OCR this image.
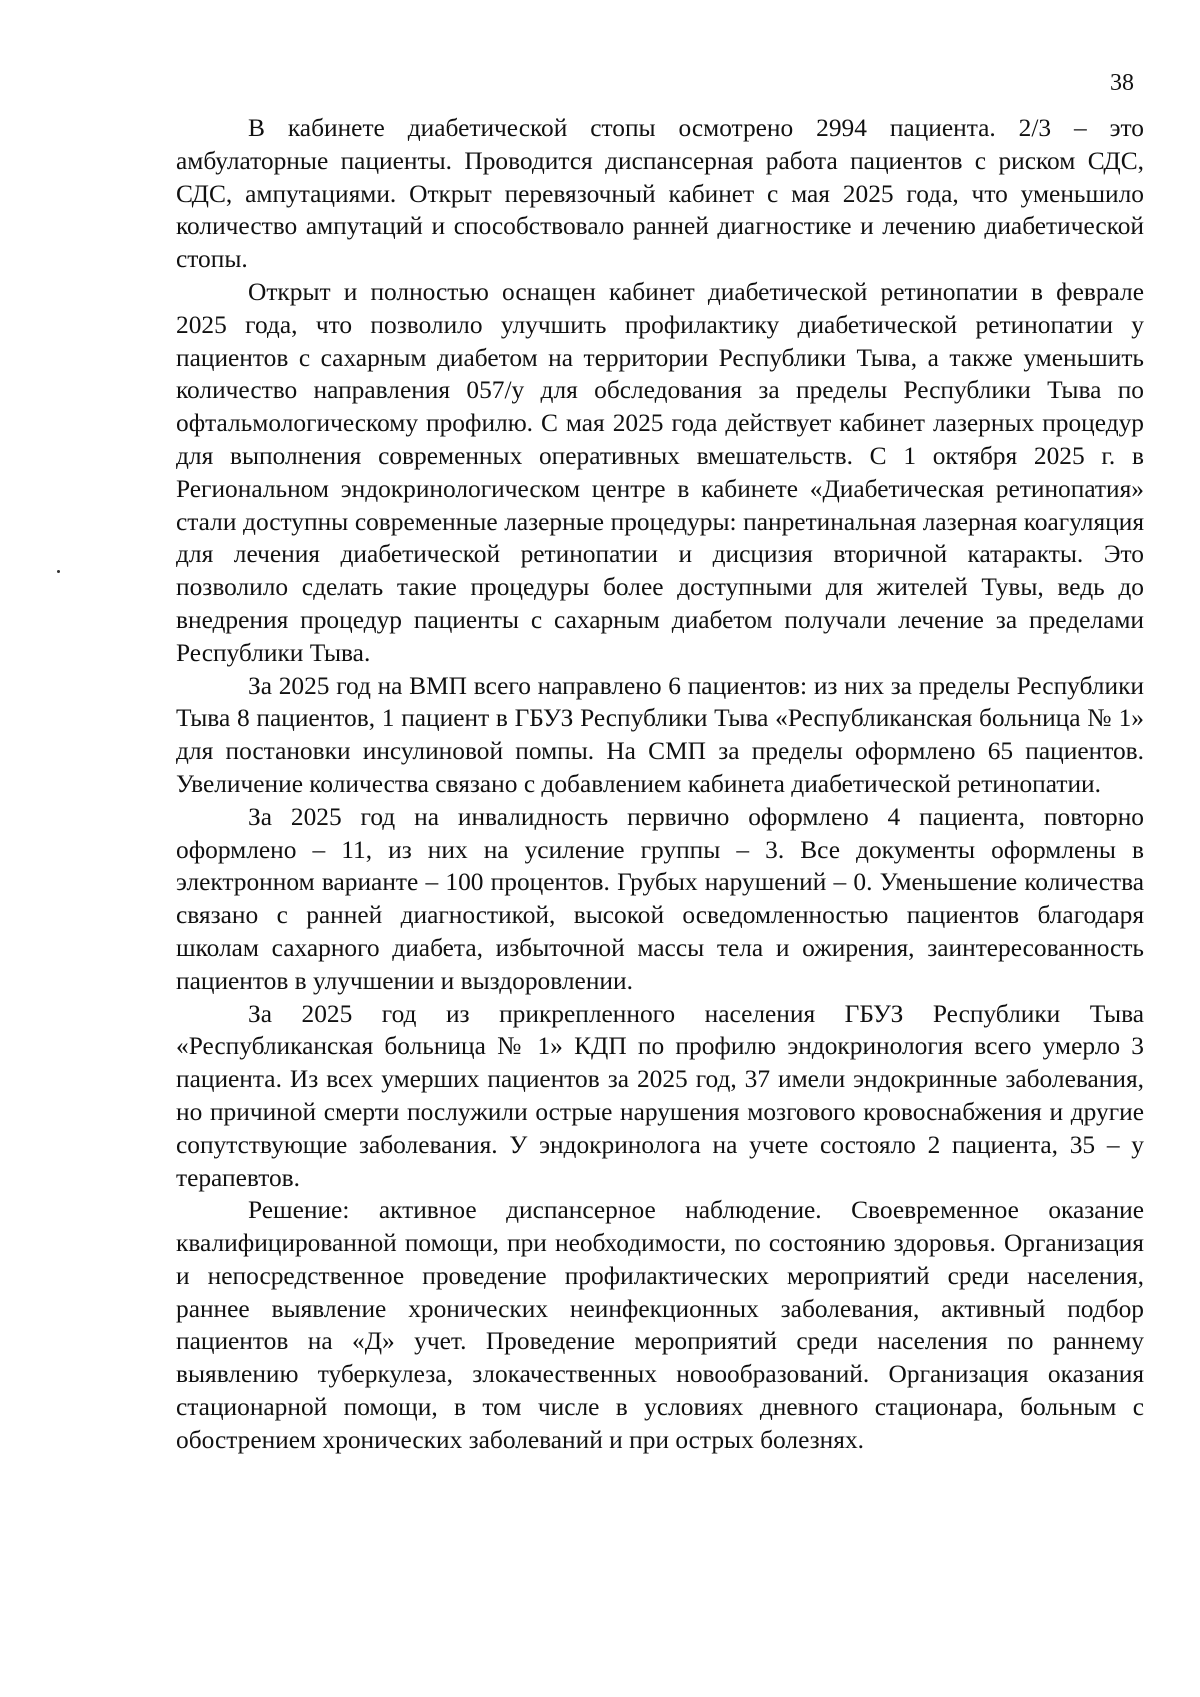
38

В кабинете диабетической стопы осмотрено 2994 пациента. 2/3 – это амбулаторные пациенты. Проводится диспансерная работа пациентов с риском СДС, СДС, ампутациями. Открыт перевязочный кабинет с мая 2025 года, что уменьшило количество ампутаций и способствовало ранней диагностике и лечению диабетической стопы.

Открыт и полностью оснащен кабинет диабетической ретинопатии в феврале 2025 года, что позволило улучшить профилактику диабетической ретинопатии у пациентов с сахарным диабетом на территории Республики Тыва, а также уменьшить количество направления 057/у для обследования за пределы Республики Тыва по офтальмологическому профилю. С мая 2025 года действует кабинет лазерных процедур для выполнения современных оперативных вмешательств. С 1 октября 2025 г. в Региональном эндокринологическом центре в кабинете «Диабетическая ретинопатия» стали доступны современные лазерные процедуры: панретинальная лазерная коагуляция для лечения диабетической ретинопатии и дисцизия вторичной катаракты. Это позволило сделать такие процедуры более доступными для жителей Тувы, ведь до внедрения процедур пациенты с сахарным диабетом получали лечение за пределами Республики Тыва.

За 2025 год на ВМП всего направлено 6 пациентов: из них за пределы Республики Тыва 8 пациентов, 1 пациент в ГБУЗ Республики Тыва «Республиканская больница № 1» для постановки инсулиновой помпы. На СМП за пределы оформлено 65 пациентов. Увеличение количества связано с добавлением кабинета диабетической ретинопатии.

За 2025 год на инвалидность первично оформлено 4 пациента, повторно оформлено – 11, из них на усиление группы – 3. Все документы оформлены в электронном варианте – 100 процентов. Грубых нарушений – 0. Уменьшение количества связано с ранней диагностикой, высокой осведомленностью пациентов благодаря школам сахарного диабета, избыточной массы тела и ожирения, заинтересованность пациентов в улучшении и выздоровлении.

За 2025 год из прикрепленного населения ГБУЗ Республики Тыва «Республиканская больница № 1» КДП по профилю эндокринология всего умерло 3 пациента. Из всех умерших пациентов за 2025 год, 37 имели эндокринные заболевания, но причиной смерти послужили острые нарушения мозгового кровоснабжения и другие сопутствующие заболевания. У эндокринолога на учете состояло 2 пациента, 35 – у терапевтов.

Решение: активное диспансерное наблюдение. Своевременное оказание квалифицированной помощи, при необходимости, по состоянию здоровья. Организация и непосредственное проведение профилактических мероприятий среди населения, раннее выявление хронических неинфекционных заболевания, активный подбор пациентов на «Д» учет. Проведение мероприятий среди населения по раннему выявлению туберкулеза, злокачественных новообразований. Организация оказания стационарной помощи, в том числе в условиях дневного стационара, больным с обострением хронических заболеваний и при острых болезнях.
